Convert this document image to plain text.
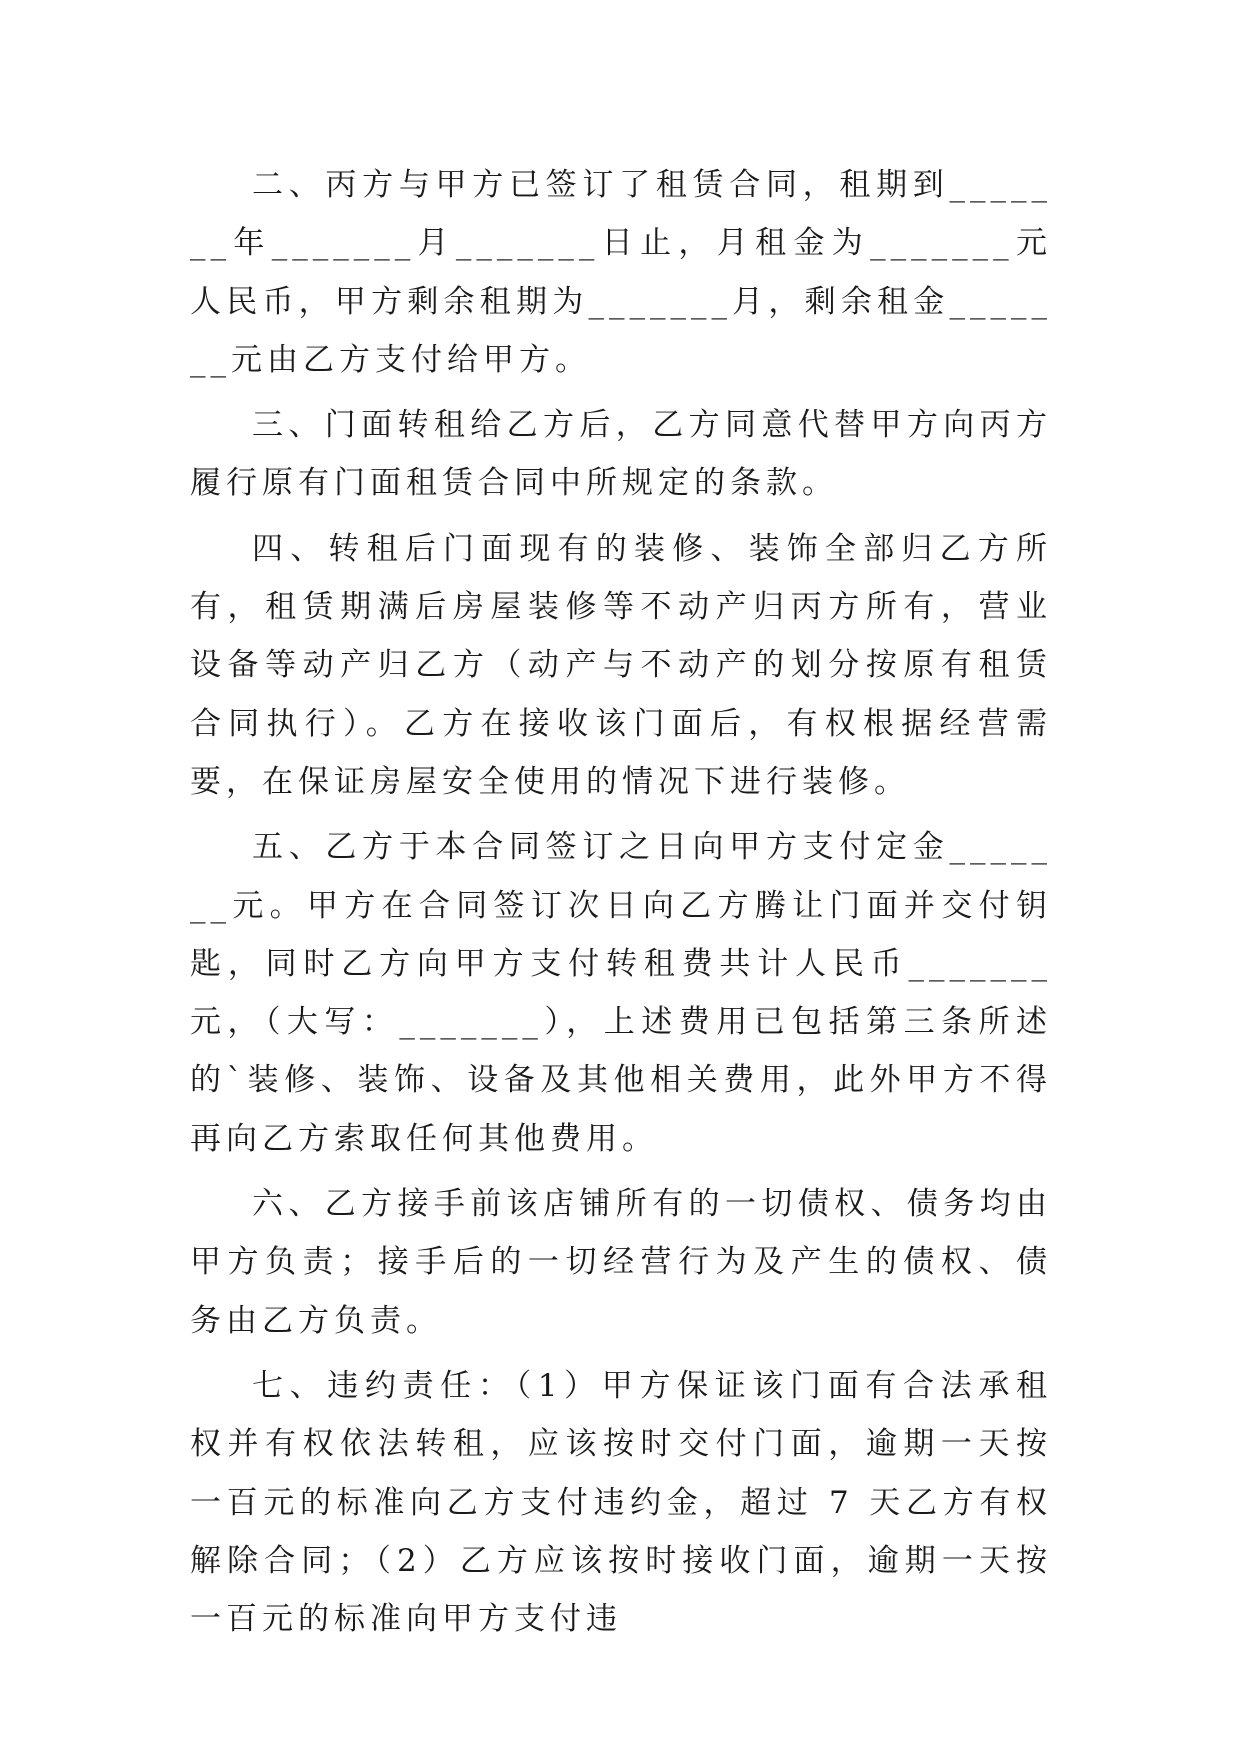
二、丙方与甲方已签订了租赁合同，租期到_______年_______月_______日止，月租金为_______元人民币，甲方剩余租期为_______月，剩余租金_______元由乙方支付给甲方。

三、门面转租给乙方后，乙方同意代替甲方向丙方履行原有门面租赁合同中所规定的条款。

四、转租后门面现有的装修、装饰全部归乙方所有，租赁期满后房屋装修等不动产归丙方所有，营业设备等动产归乙方（动产与不动产的划分按原有租赁合同执行）。乙方在接收该门面后，有权根据经营需要，在保证房屋安全使用的情况下进行装修。

五、乙方于本合同签订之日向甲方支付定金_______元。甲方在合同签订次日向乙方腾让门面并交付钥匙，同时乙方向甲方支付转租费共计人民币_______元，（大写：_______），上述费用已包括第三条所述的`装修、装饰、设备及其他相关费用，此外甲方不得再向乙方索取任何其他费用。

六、乙方接手前该店铺所有的一切债权、债务均由甲方负责；接手后的一切经营行为及产生的债权、债务由乙方负责。

七、违约责任：（1）甲方保证该门面有合法承租权并有权依法转租，应该按时交付门面，逾期一天按一百元的标准向乙方支付违约金，超过 7 天乙方有权解除合同；（2）乙方应该按时接收门面，逾期一天按一百元的标准向甲方支付违
